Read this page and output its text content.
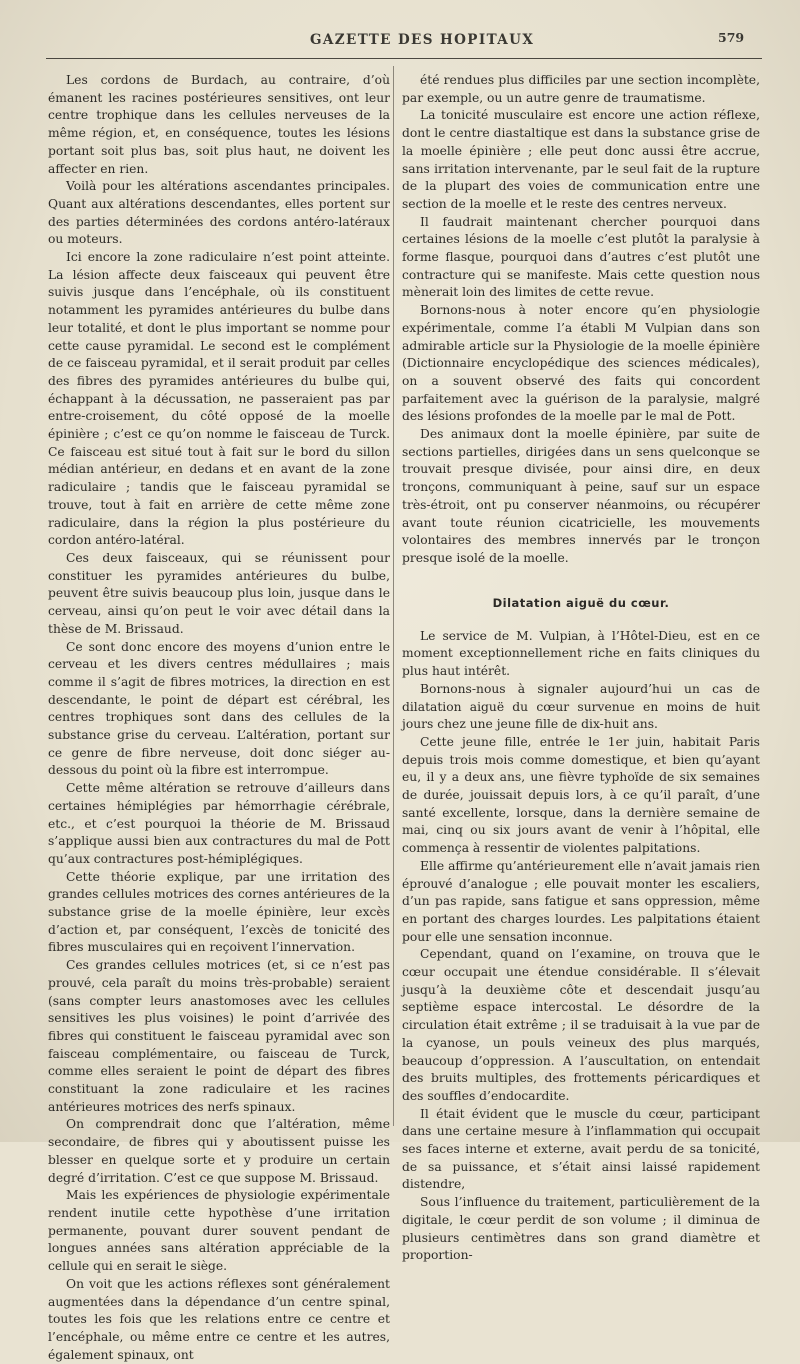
GAZETTE DES HOPITAUX	579

Les cordons de Burdach, au contraire, d’où émanent les racines postérieures sensitives, ont leur centre trophique dans les cellules nerveuses de la même région, et, en conséquence, toutes les lésions portant soit plus bas, soit plus haut, ne doivent les affecter en rien.

Voilà pour les altérations ascendantes principales. Quant aux altérations descendantes, elles portent sur des parties déterminées des cordons antéro-latéraux ou moteurs.

Ici encore la zone radiculaire n’est point atteinte. La lésion affecte deux faisceaux qui peuvent être suivis jusque dans l’encéphale, où ils constituent notamment les pyramides antérieures du bulbe dans leur totalité, et dont le plus important se nomme pour cette cause pyramidal. Le second est le complément de ce faisceau pyramidal, et il serait produit par celles des fibres des pyramides antérieures du bulbe qui, échappant à la décussation, ne passeraient pas par entre-croisement, du côté opposé de la moelle épinière ; c’est ce qu’on nomme le faisceau de Turck. Ce faisceau est situé tout à fait sur le bord du sillon médian antérieur, en dedans et en avant de la zone radiculaire ; tandis que le faisceau pyramidal se trouve, tout à fait en arrière de cette même zone radiculaire, dans la région la plus postérieure du cordon antéro-latéral.

Ces deux faisceaux, qui se réunissent pour constituer les pyramides antérieures du bulbe, peuvent être suivis beaucoup plus loin, jusque dans le cerveau, ainsi qu’on peut le voir avec détail dans la thèse de M. Brissaud.

Ce sont donc encore des moyens d’union entre le cerveau et les divers centres médullaires ; mais comme il s’agit de fibres motrices, la direction en est descendante, le point de départ est cérébral, les centres trophiques sont dans des cellules de la substance grise du cerveau. L’altération, portant sur ce genre de fibre nerveuse, doit donc siéger au-dessous du point où la fibre est interrompue.

Cette même altération se retrouve d’ailleurs dans certaines hémiplégies par hémorrhagie cérébrale, etc., et c’est pourquoi la théorie de M. Brissaud s’applique aussi bien aux contractures du mal de Pott qu’aux contractures post-hémiplégiques.

Cette théorie explique, par une irritation des grandes cellules motrices des cornes antérieures de la substance grise de la moelle épinière, leur excès d’action et, par conséquent, l’excès de tonicité des fibres musculaires qui en reçoivent l’innervation.

Ces grandes cellules motrices (et, si ce n’est pas prouvé, cela paraît du moins très-probable) seraient (sans compter leurs anastomoses avec les cellules sensitives les plus voisines) le point d’arrivée des fibres qui constituent le faisceau pyramidal avec son faisceau complémentaire, ou faisceau de Turck, comme elles seraient le point de départ des fibres constituant la zone radiculaire et les racines antérieures motrices des nerfs spinaux.

On comprendrait donc que l’altération, même secondaire, de fibres qui y aboutissent puisse les blesser en quelque sorte et y produire un certain degré d’irritation. C’est ce que suppose M. Brissaud.

Mais les expériences de physiologie expérimentale rendent inutile cette hypothèse d’une irritation permanente, pouvant durer souvent pendant de longues années sans altération appréciable de la cellule qui en serait le siège.

On voit que les actions réflexes sont généralement augmentées dans la dépendance d’un centre spinal, toutes les fois que les relations entre ce centre et l’encéphale, ou même entre ce centre et les autres, également spinaux, ont

été rendues plus difficiles par une section incomplète, par exemple, ou un autre genre de traumatisme.

La tonicité musculaire est encore une action réflexe, dont le centre diastaltique est dans la substance grise de la moelle épinière ; elle peut donc aussi être accrue, sans irritation intervenante, par le seul fait de la rupture de la plupart des voies de communication entre une section de la moelle et le reste des centres nerveux.

Il faudrait maintenant chercher pourquoi dans certaines lésions de la moelle c’est plutôt la paralysie à forme flasque, pourquoi dans d’autres c’est plutôt une contracture qui se manifeste. Mais cette question nous mènerait loin des limites de cette revue.

Bornons-nous à noter encore qu’en physiologie expérimentale, comme l’a établi M Vulpian dans son admirable article sur la Physiologie de la moelle épinière (Dictionnaire encyclopédique des sciences médicales), on a souvent observé des faits qui concordent parfaitement avec la guérison de la paralysie, malgré des lésions profondes de la moelle par le mal de Pott.

Des animaux dont la moelle épinière, par suite de sections partielles, dirigées dans un sens quelconque se trouvait presque divisée, pour ainsi dire, en deux tronçons, communiquant à peine, sauf sur un espace très-étroit, ont pu conserver néanmoins, ou récupérer avant toute réunion cicatricielle, les mouvements volontaires des membres innervés par le tronçon presque isolé de la moelle.

Dilatation aiguë du cœur.

Le service de M. Vulpian, à l’Hôtel-Dieu, est en ce moment exceptionnellement riche en faits cliniques du plus haut intérêt.

Bornons-nous à signaler aujourd’hui un cas de dilatation aiguë du cœur survenue en moins de huit jours chez une jeune fille de dix-huit ans.

Cette jeune fille, entrée le 1er juin, habitait Paris depuis trois mois comme domestique, et bien qu’ayant eu, il y a deux ans, une fièvre typhoïde de six semaines de durée, jouissait depuis lors, à ce qu’il paraît, d’une santé excellente, lorsque, dans la dernière semaine de mai, cinq ou six jours avant de venir à l’hôpital, elle commença à ressentir de violentes palpitations.

Elle affirme qu’antérieurement elle n’avait jamais rien éprouvé d’analogue ; elle pouvait monter les escaliers, d’un pas rapide, sans fatigue et sans oppression, même en portant des charges lourdes. Les palpitations étaient pour elle une sensation inconnue.

Cependant, quand on l’examine, on trouva que le cœur occupait une étendue considérable. Il s’élevait jusqu’à la deuxième côte et descendait jusqu’au septième espace intercostal. Le désordre de la circulation était extrême ; il se traduisait à la vue par de la cyanose, un pouls veineux des plus marqués, beaucoup d’oppression. A l’auscultation, on entendait des bruits multiples, des frottements péricardiques et des souffles d’endocardite.

Il était évident que le muscle du cœur, participant dans une certaine mesure à l’inflammation qui occupait ses faces interne et externe, avait perdu de sa tonicité, de sa puissance, et s’était ainsi laissé rapidement distendre,

Sous l’influence du traitement, particulièrement de la digitale, le cœur perdit de son volume ; il diminua de plusieurs centimètres dans son grand diamètre et proportion-
